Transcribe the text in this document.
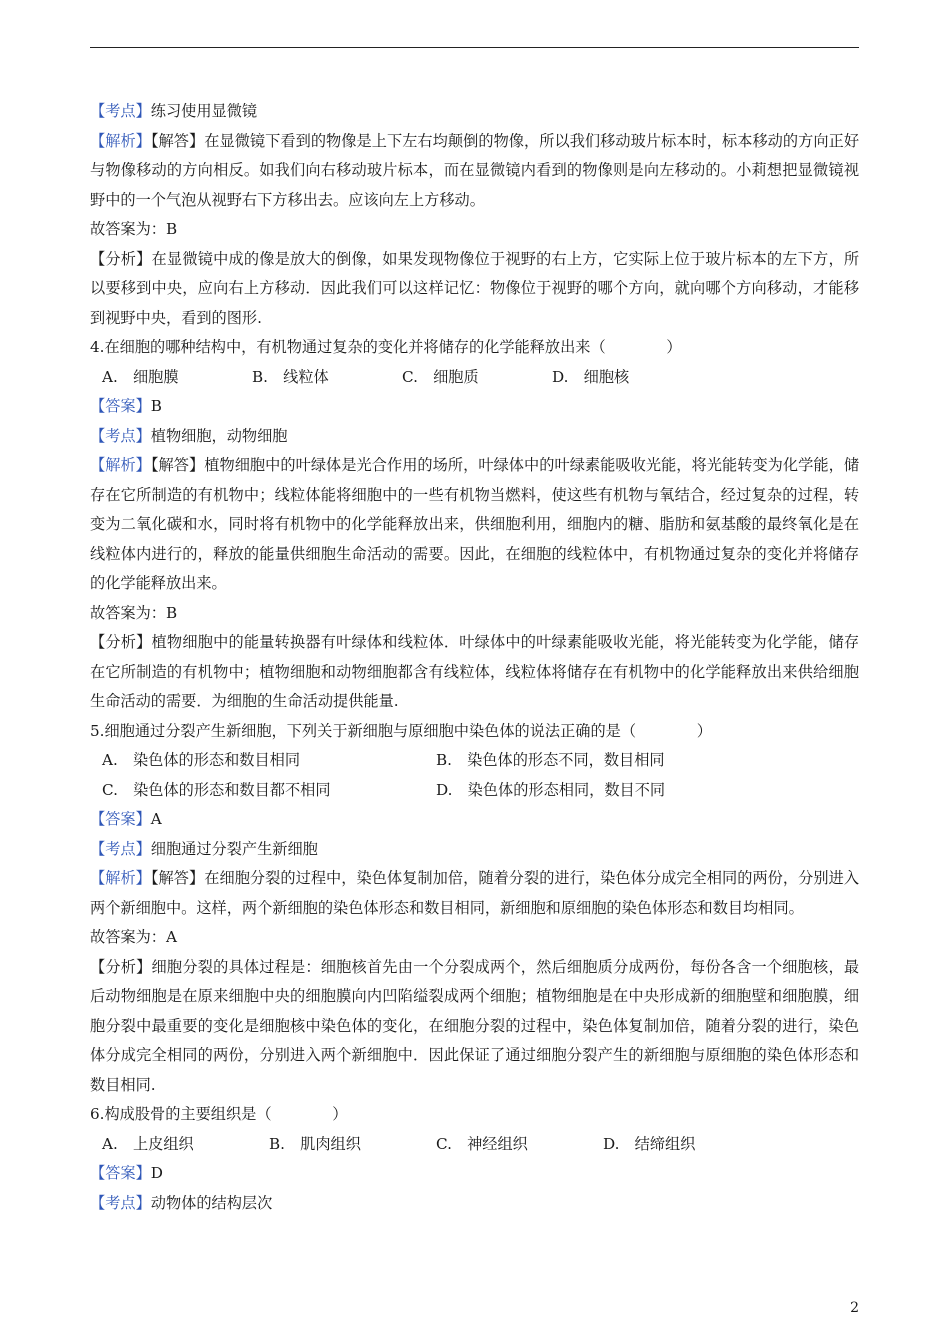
【考点】练习使用显微镜

【解析】【解答】在显微镜下看到的物像是上下左右均颠倒的物像，所以我们移动玻片标本时，标本移动的方向正好与物像移动的方向相反。如我们向右移动玻片标本，而在显微镜内看到的物像则是向左移动的。小莉想把显微镜视野中的一个气泡从视野右下方移出去。应该向左上方移动。

故答案为：B

【分析】在显微镜中成的像是放大的倒像，如果发现物像位于视野的右上方，它实际上位于玻片标本的左下方，所以要移到中央，应向右上方移动．因此我们可以这样记忆：物像位于视野的哪个方向，就向哪个方向移动，才能移到视野中央，看到的图形.

4.在细胞的哪种结构中，有机物通过复杂的变化并将储存的化学能释放出来（　　　　）

A.　细胞膜	B.　线粒体	C.　细胞质	D.　细胞核

【答案】B

【考点】植物细胞，动物细胞

【解析】【解答】植物细胞中的叶绿体是光合作用的场所，叶绿体中的叶绿素能吸收光能，将光能转变为化学能，储存在它所制造的有机物中；线粒体能将细胞中的一些有机物当燃料，使这些有机物与氧结合，经过复杂的过程，转变为二氧化碳和水，同时将有机物中的化学能释放出来，供细胞利用，细胞内的糖、脂肪和氨基酸的最终氧化是在线粒体内进行的，释放的能量供细胞生命活动的需要。因此，在细胞的线粒体中，有机物通过复杂的变化并将储存的化学能释放出来。

故答案为：B

【分析】植物细胞中的能量转换器有叶绿体和线粒体．叶绿体中的叶绿素能吸收光能，将光能转变为化学能，储存在它所制造的有机物中；植物细胞和动物细胞都含有线粒体，线粒体将储存在有机物中的化学能释放出来供给细胞生命活动的需要．为细胞的生命活动提供能量.

5.细胞通过分裂产生新细胞，下列关于新细胞与原细胞中染色体的说法正确的是（　　　　）

A.　染色体的形态和数目相同	B.　染色体的形态不同，数目相同
C.　染色体的形态和数目都不相同	D.　染色体的形态相同，数目不同

【答案】A

【考点】细胞通过分裂产生新细胞

【解析】【解答】在细胞分裂的过程中，染色体复制加倍，随着分裂的进行，染色体分成完全相同的两份，分别进入两个新细胞中。这样，两个新细胞的染色体形态和数目相同，新细胞和原细胞的染色体形态和数目均相同。

故答案为：A

【分析】细胞分裂的具体过程是：细胞核首先由一个分裂成两个，然后细胞质分成两份，每份各含一个细胞核，最后动物细胞是在原来细胞中央的细胞膜向内凹陷缢裂成两个细胞；植物细胞是在中央形成新的细胞壁和细胞膜，细胞分裂中最重要的变化是细胞核中染色体的变化，在细胞分裂的过程中，染色体复制加倍，随着分裂的进行，染色体分成完全相同的两份，分别进入两个新细胞中．因此保证了通过细胞分裂产生的新细胞与原细胞的染色体形态和数目相同.

6.构成股骨的主要组织是（　　　　）

A.　上皮组织	B.　肌肉组织	C.　神经组织	D.　结缔组织

【答案】D

【考点】动物体的结构层次

2
